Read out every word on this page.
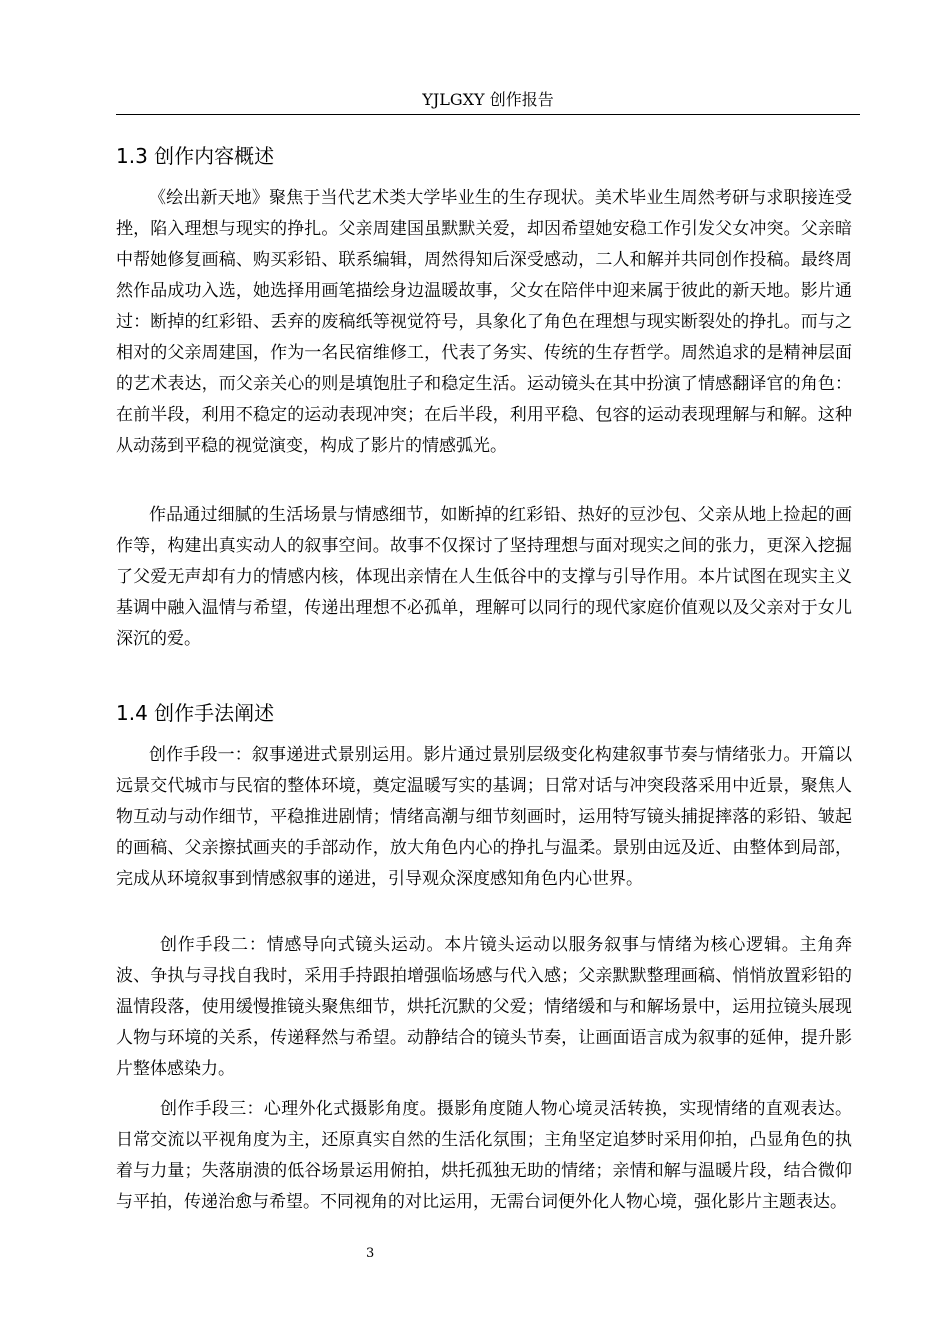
YJLGXY 创作报告
1.3 创作内容概述

《绘出新天地》聚焦于当代艺术类大学毕业生的生存现状。美术毕业生周然考研与求职接连受挫，陷入理想与现实的挣扎。父亲周建国虽默默关爱，却因希望她安稳工作引发父女冲突。父亲暗中帮她修复画稿、购买彩铅、联系编辑，周然得知后深受感动，二人和解并共同创作投稿。最终周然作品成功入选，她选择用画笔描绘身边温暖故事，父女在陪伴中迎来属于彼此的新天地。影片通过：断掉的红彩铅、丢弃的废稿纸等视觉符号，具象化了角色在理想与现实断裂处的挣扎。而与之相对的父亲周建国，作为一名民宿维修工，代表了务实、传统的生存哲学。周然追求的是精神层面的艺术表达，而父亲关心的则是填饱肚子和稳定生活。运动镜头在其中扮演了情感翻译官的角色：在前半段，利用不稳定的运动表现冲突；在后半段，利用平稳、包容的运动表现理解与和解。这种从动荡到平稳的视觉演变，构成了影片的情感弧光。

作品通过细腻的生活场景与情感细节，如断掉的红彩铅、热好的豆沙包、父亲从地上捡起的画作等，构建出真实动人的叙事空间。故事不仅探讨了坚持理想与面对现实之间的张力，更深入挖掘了父爱无声却有力的情感内核，体现出亲情在人生低谷中的支撑与引导作用。本片试图在现实主义基调中融入温情与希望，传递出理想不必孤单，理解可以同行的现代家庭价值观以及父亲对于女儿深沉的爱。

1.4 创作手法阐述

创作手段一：叙事递进式景别运用。影片通过景别层级变化构建叙事节奏与情绪张力。开篇以远景交代城市与民宿的整体环境，奠定温暖写实的基调；日常对话与冲突段落采用中近景，聚焦人物互动与动作细节，平稳推进剧情；情绪高潮与细节刻画时，运用特写镜头捕捉摔落的彩铅、皱起的画稿、父亲擦拭画夹的手部动作，放大角色内心的挣扎与温柔。景别由远及近、由整体到局部，完成从环境叙事到情感叙事的递进，引导观众深度感知角色内心世界。

创作手段二：情感导向式镜头运动。本片镜头运动以服务叙事与情绪为核心逻辑。主角奔波、争执与寻找自我时，采用手持跟拍增强临场感与代入感；父亲默默整理画稿、悄悄放置彩铅的温情段落，使用缓慢推镜头聚焦细节，烘托沉默的父爱；情绪缓和与和解场景中，运用拉镜头展现人物与环境的关系，传递释然与希望。动静结合的镜头节奏，让画面语言成为叙事的延伸，提升影片整体感染力。

创作手段三：心理外化式摄影角度。摄影角度随人物心境灵活转换，实现情绪的直观表达。日常交流以平视角度为主，还原真实自然的生活化氛围；主角坚定追梦时采用仰拍，凸显角色的执着与力量；失落崩溃的低谷场景运用俯拍，烘托孤独无助的情绪；亲情和解与温暖片段，结合微仰与平拍，传递治愈与希望。不同视角的对比运用，无需台词便外化人物心境，强化影片主题表达。

3
